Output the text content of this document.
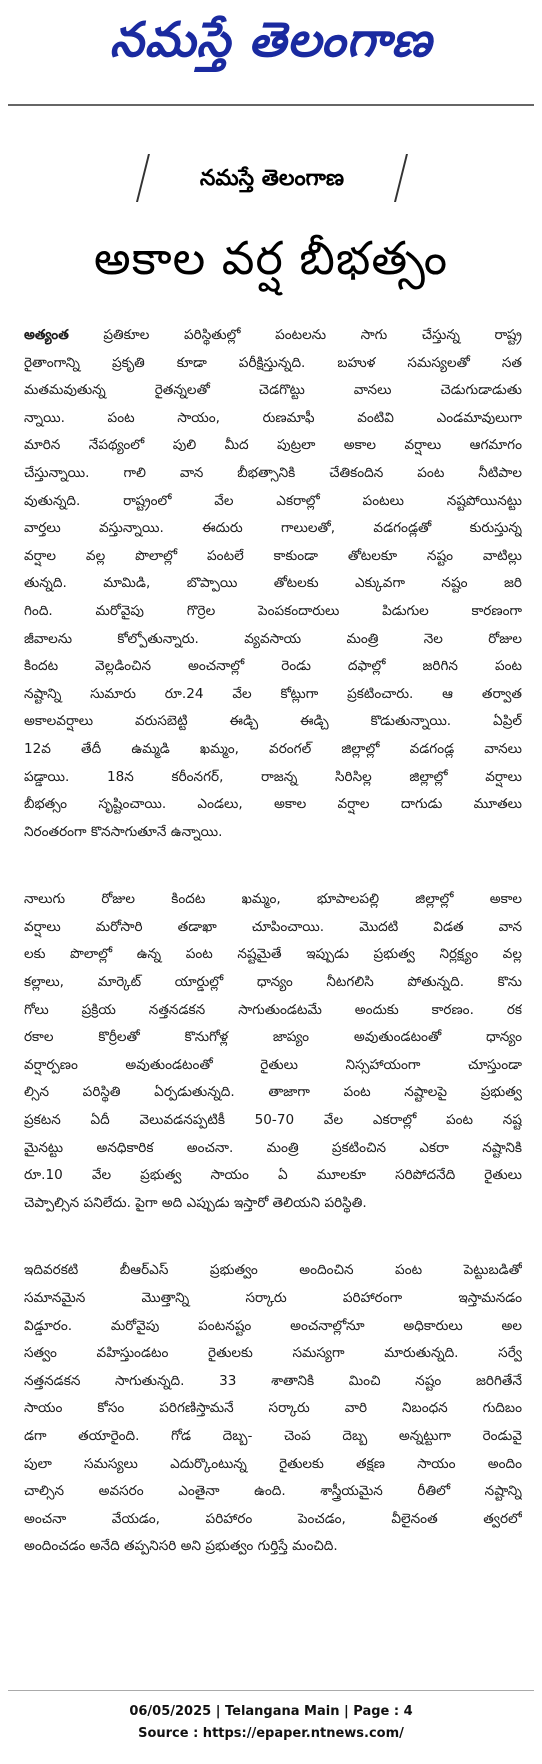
నమస్తే తెలంగాణ
నమస్తే తెలంగాణ
అకాల వర్ష బీభత్సం
అత్యంత ప్రతికూల పరిస్థితుల్లో పంటలను సాగు చేస్తున్న రాష్ట్ర
రైతాంగాన్ని ప్రకృతి కూడా పరీక్షిస్తున్నది. బహుళ సమస్యలతో సత
మతమవుతున్న రైతన్నలతో చెడగొట్టు వానలు చెడుగుడాడుతు
న్నాయి. పంట సాయం, రుణమాఫీ వంటివి ఎండమావులుగా
మారిన నేపథ్యంలో పులి మీద పుట్రలా అకాల వర్షాలు ఆగమాగం
చేస్తున్నాయి. గాలి వాన బీభత్సానికి చేతికందిన పంట నీటిపాల
వుతున్నది. రాష్ట్రంలో వేల ఎకరాల్లో పంటలు నష్టపోయినట్టు
వార్తలు వస్తున్నాయి. ఈదురు గాలులతో, వడగండ్లతో కురుస్తున్న
వర్షాల వల్ల పొలాల్లో పంటలే కాకుండా తోటలకూ నష్టం వాటిల్లు
తున్నది. మామిడి, బొప్పాయి తోటలకు ఎక్కువగా నష్టం జరి
గింది. మరోవైపు గొర్రెల పెంపకందారులు పిడుగుల కారణంగా
జీవాలను కోల్పోతున్నారు. వ్యవసాయ మంత్రి నెల రోజుల
కిందట వెల్లడించిన అంచనాల్లో రెండు దఫాల్లో జరిగిన పంట
నష్టాన్ని సుమారు రూ.24 వేల కోట్లుగా ప్రకటించారు. ఆ తర్వాత
అకాలవర్షాలు వరుసబెట్టి ఈడ్చి ఈడ్చి కొడుతున్నాయి. ఏప్రిల్
12వ తేదీ ఉమ్మడి ఖమ్మం, వరంగల్ జిల్లాల్లో వడగండ్ల వానలు
పడ్డాయి. 18న కరీంనగర్, రాజన్న సిరిసిల్ల జిల్లాల్లో వర్షాలు
బీభత్సం సృష్టించాయి. ఎండలు, అకాల వర్షాల దాగుడు మూతలు
నిరంతరంగా కొనసాగుతూనే ఉన్నాయి.
నాలుగు రోజుల కిందట ఖమ్మం, భూపాలపల్లి జిల్లాల్లో అకాల
వర్షాలు మరోసారి తడాఖా చూపించాయి. మొదటి విడత వాన
లకు పొలాల్లో ఉన్న పంట నష్టమైతే ఇప్పుడు ప్రభుత్వ నిర్లక్ష్యం వల్ల
కల్లాలు, మార్కెట్ యార్డుల్లో ధాన్యం నీటగలిసి పోతున్నది. కొను
గోలు ప్రక్రియ నత్తనడకన సాగుతుండటమే అందుకు కారణం. రక
రకాల కొర్రీలతో కొనుగోళ్ల జాప్యం అవుతుండటంతో ధాన్యం
వర్షార్పణం అవుతుండటంతో రైతులు నిస్సహాయంగా చూస్తుండా
ల్సిన పరిస్థితి ఏర్పడుతున్నది. తాజాగా పంట నష్టాలపై ప్రభుత్వ
ప్రకటన ఏదీ వెలువడనప్పటికీ 50-70 వేల ఎకరాల్లో పంట నష్ట
మైనట్టు అనధికారిక అంచనా. మంత్రి ప్రకటించిన ఎకరా నష్టానికి
రూ.10 వేల ప్రభుత్వ సాయం ఏ మూలకూ సరిపోదనేది రైతులు
చెప్పాల్సిన పనిలేదు. పైగా అది ఎప్పుడు ఇస్తారో తెలియని పరిస్థితి.
ఇదివరకటి బీఆర్ఎస్ ప్రభుత్వం అందించిన పంట పెట్టుబడితో
సమానమైన మొత్తాన్ని సర్కారు పరిహారంగా ఇస్తామనడం
విడ్డూరం. మరోవైపు పంటనష్టం అంచనాల్లోనూ అధికారులు అల
సత్వం వహిస్తుండటం రైతులకు సమస్యగా మారుతున్నది. సర్వే
నత్తనడకన సాగుతున్నది. 33 శాతానికి మించి నష్టం జరిగితేనే
సాయం కోసం పరిగణిస్తామనే సర్కారు వారి నిబంధన గుదిబం
డగా తయారైంది. గోడ దెబ్బ- చెంప దెబ్బ అన్నట్టుగా రెండువై
పులా సమస్యలు ఎదుర్కొంటున్న రైతులకు తక్షణ సాయం అందిం
చాల్సిన అవసరం ఎంతైనా ఉంది. శాస్త్రీయమైన రీతిలో నష్టాన్ని
అంచనా వేయడం, పరిహారం పెంచడం, వీలైనంత త్వరలో
అందించడం అనేది తప్పనిసరి అని ప్రభుత్వం గుర్తిస్తే మంచిది.
06/05/2025 | Telangana Main | Page : 4
Source : https://epaper.ntnews.com/
